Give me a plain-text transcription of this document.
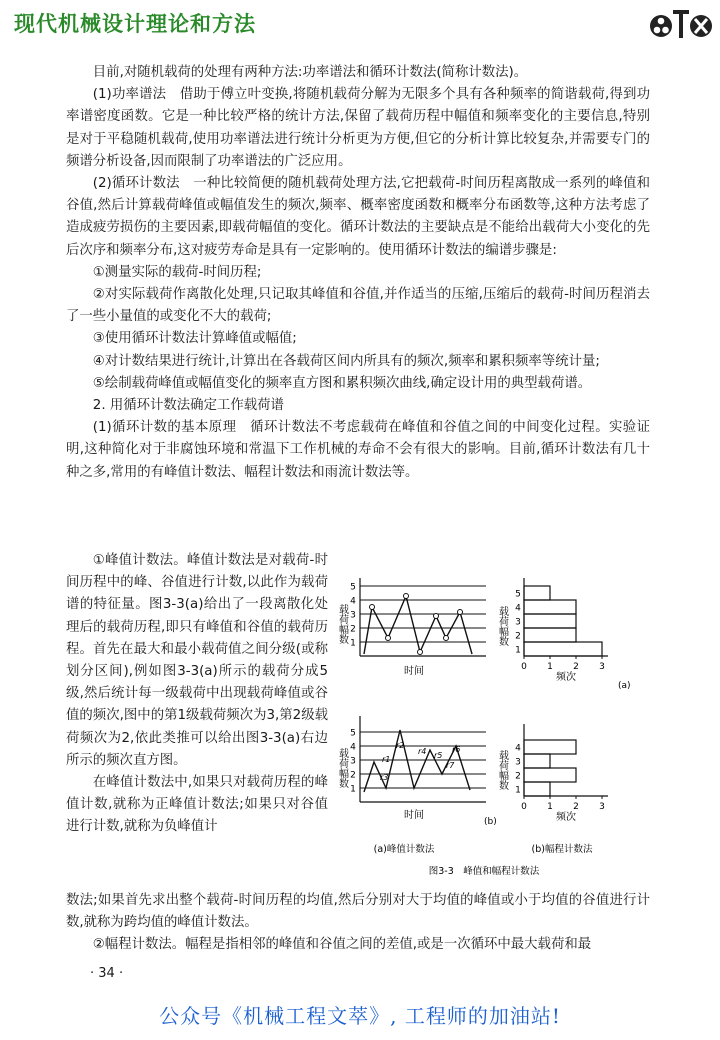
现代机械设计理论和方法

目前,对随机载荷的处理有两种方法:功率谱法和循环计数法(简称计数法)。

(1)功率谱法　借助于傅立叶变换,将随机载荷分解为无限多个具有各种频率的简谐载荷,得到功率谱密度函数。它是一种比较严格的统计方法,保留了载荷历程中幅值和频率变化的主要信息,特别是对于平稳随机载荷,使用功率谱法进行统计分析更为方便,但它的分析计算比较复杂,并需要专门的频谱分析设备,因而限制了功率谱法的广泛应用。

(2)循环计数法　一种比较简便的随机载荷处理方法,它把载荷-时间历程离散成一系列的峰值和谷值,然后计算载荷峰值或幅值发生的频次,频率、概率密度函数和概率分布函数等,这种方法考虑了造成疲劳损伤的主要因素,即载荷幅值的变化。循环计数法的主要缺点是不能给出载荷大小变化的先后次序和频率分布,这对疲劳寿命是具有一定影响的。使用循环计数法的编谱步骤是:

①测量实际的载荷-时间历程;

②对实际载荷作离散化处理,只记取其峰值和谷值,并作适当的压缩,压缩后的载荷-时间历程消去了一些小量值的或变化不大的载荷;

③使用循环计数法计算峰值或幅值;

④对计数结果进行统计,计算出在各载荷区间内所具有的频次,频率和累积频率等统计量;

⑤绘制载荷峰值或幅值变化的频率直方图和累积频次曲线,确定设计用的典型载荷谱。

2. 用循环计数法确定工作载荷谱

(1)循环计数的基本原理　循环计数法不考虑载荷在峰值和谷值之间的中间变化过程。实验证明,这种简化对于非腐蚀环境和常温下工作机械的寿命不会有很大的影响。目前,循环计数法有几十种之多,常用的有峰值计数法、幅程计数法和雨流计数法等。

①峰值计数法。峰值计数法是对载荷-时间历程中的峰、谷值进行计数,以此作为载荷谱的特征量。图3-3(a)给出了一段离散化处理后的载荷历程,即只有峰值和谷值的载荷历程。首先在最大和最小载荷值之间分级(或称划分区间),例如图3-3(a)所示的载荷分成5级,然后统计每一级载荷中出现载荷峰值或谷值的频次,图中的第1级载荷频次为3,第2级载荷频次为2,依此类推可以给出图3-3(a)右边所示的频次直方图。

在峰值计数法中,如果只对载荷历程的峰值计数,就称为正峰值计数法;如果只对谷值进行计数,就称为负峰值计

载荷幅数 1
2
3
4
5
时间
载荷幅数
0 1 2 3
1
2
3
4
5
频次
(a)
载荷幅数
1
2
3
4
5
r1
r2
r3
r4 r5
r6
r7
时间
载荷幅数
0 1 2 3
1
2
3
4
频次
(b)
(a)峰值计数法	(b)幅程计数法
图3-3　峰值和幅程计数法

数法;如果首先求出整个载荷-时间历程的均值,然后分别对大于均值的峰值或小于均值的谷值进行计数,就称为跨均值的峰值计数法。

②幅程计数法。幅程是指相邻的峰值和谷值之间的差值,或是一次循环中最大载荷和最

· 34 ·
公众号《机械工程文萃》, 工程师的加油站!
